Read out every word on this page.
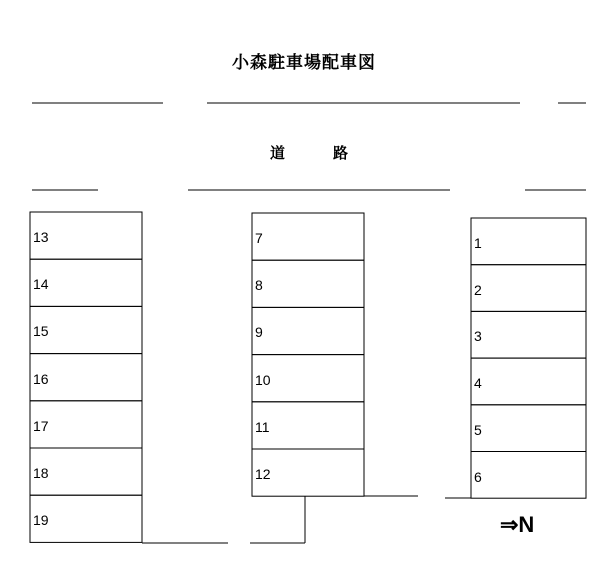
小森駐車場配車図
道	路
13
14
15
16
17
18
19
7
8
9
10
11
12
1
2
3
4
5
6
⇒N
